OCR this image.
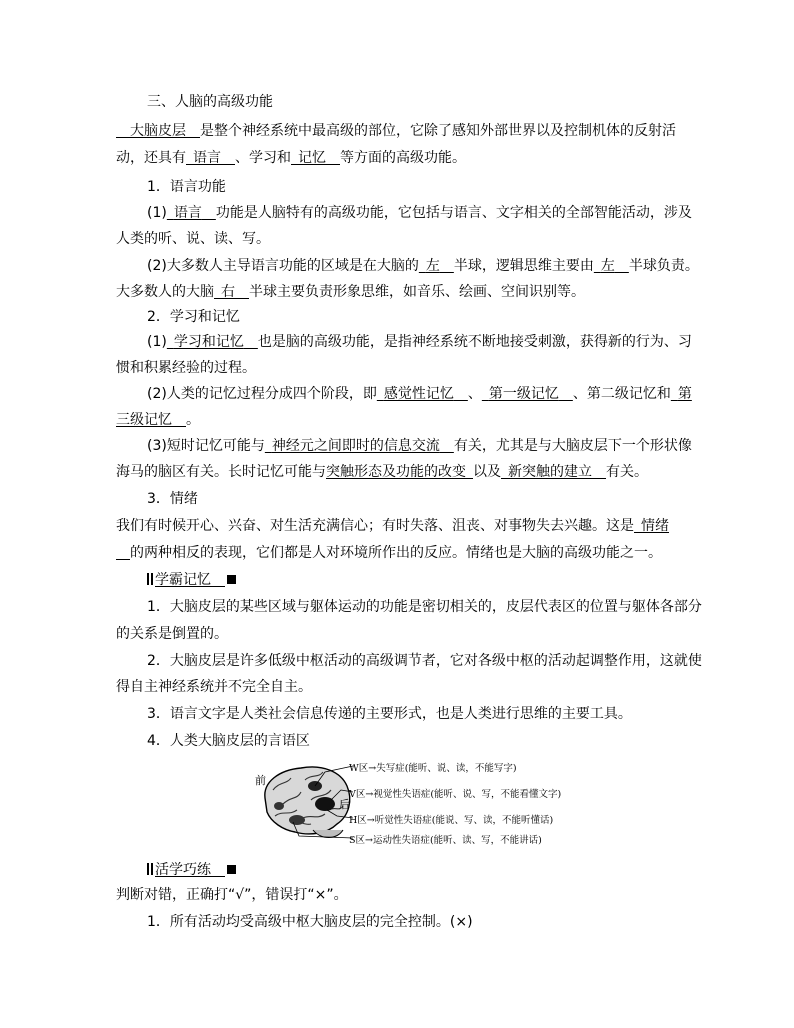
三、人脑的高级功能
 大脑皮层  是整个神经系统中最高级的部位，它除了感知外部世界以及控制机体的反射活
动，还具有  语言  、学习和  记忆  等方面的高级功能。
1．语言功能
(1)  语言  功能是人脑特有的高级功能，它包括与语言、文字相关的全部智能活动，涉及
人类的听、说、读、写。
(2)大多数人主导语言功能的区域是在大脑的  左  半球，逻辑思维主要由  左  半球负责。
大多数人的大脑  右  半球主要负责形象思维，如音乐、绘画、空间识别等。
2．学习和记忆
(1)  学习和记忆  也是脑的高级功能，是指神经系统不断地接受刺激，获得新的行为、习
惯和积累经验的过程。
(2)人类的记忆过程分成四个阶段，即  感觉性记忆  、  第一级记忆  、第二级记忆和  第
三级记忆  。
(3)短时记忆可能与  神经元之间即时的信息交流  有关，尤其是与大脑皮层下一个形状像
海马的脑区有关。长时记忆可能与突触形态及功能的改变  以及  新突触的建立  有关。
3．情绪
我们有时候开心、兴奋、对生活充满信心；有时失落、沮丧、对事物失去兴趣。这是  情绪
  的两种相反的表现，它们都是人对环境所作出的反应。情绪也是大脑的高级功能之一。
学霸记忆 
1．大脑皮层的某些区域与躯体运动的功能是密切相关的，皮层代表区的位置与躯体各部分
的关系是倒置的。
2．大脑皮层是许多低级中枢活动的高级调节者，它对各级中枢的活动起调整作用，这就使
得自主神经系统并不完全自主。
3．语言文字是人类社会信息传递的主要形式，也是人类进行思维的主要工具。
4．人类大脑皮层的言语区
前
后
W区→失写症(能听、说、读，不能写字)
V区→视觉性失语症(能听、说、写，不能看懂文字)
H区→听觉性失语症(能说、写、读，不能听懂话)
S区→运动性失语症(能听、读、写，不能讲话)
活学巧练 
判断对错，正确打“√”，错误打“×”。
1．所有活动均受高级中枢大脑皮层的完全控制。(×)
